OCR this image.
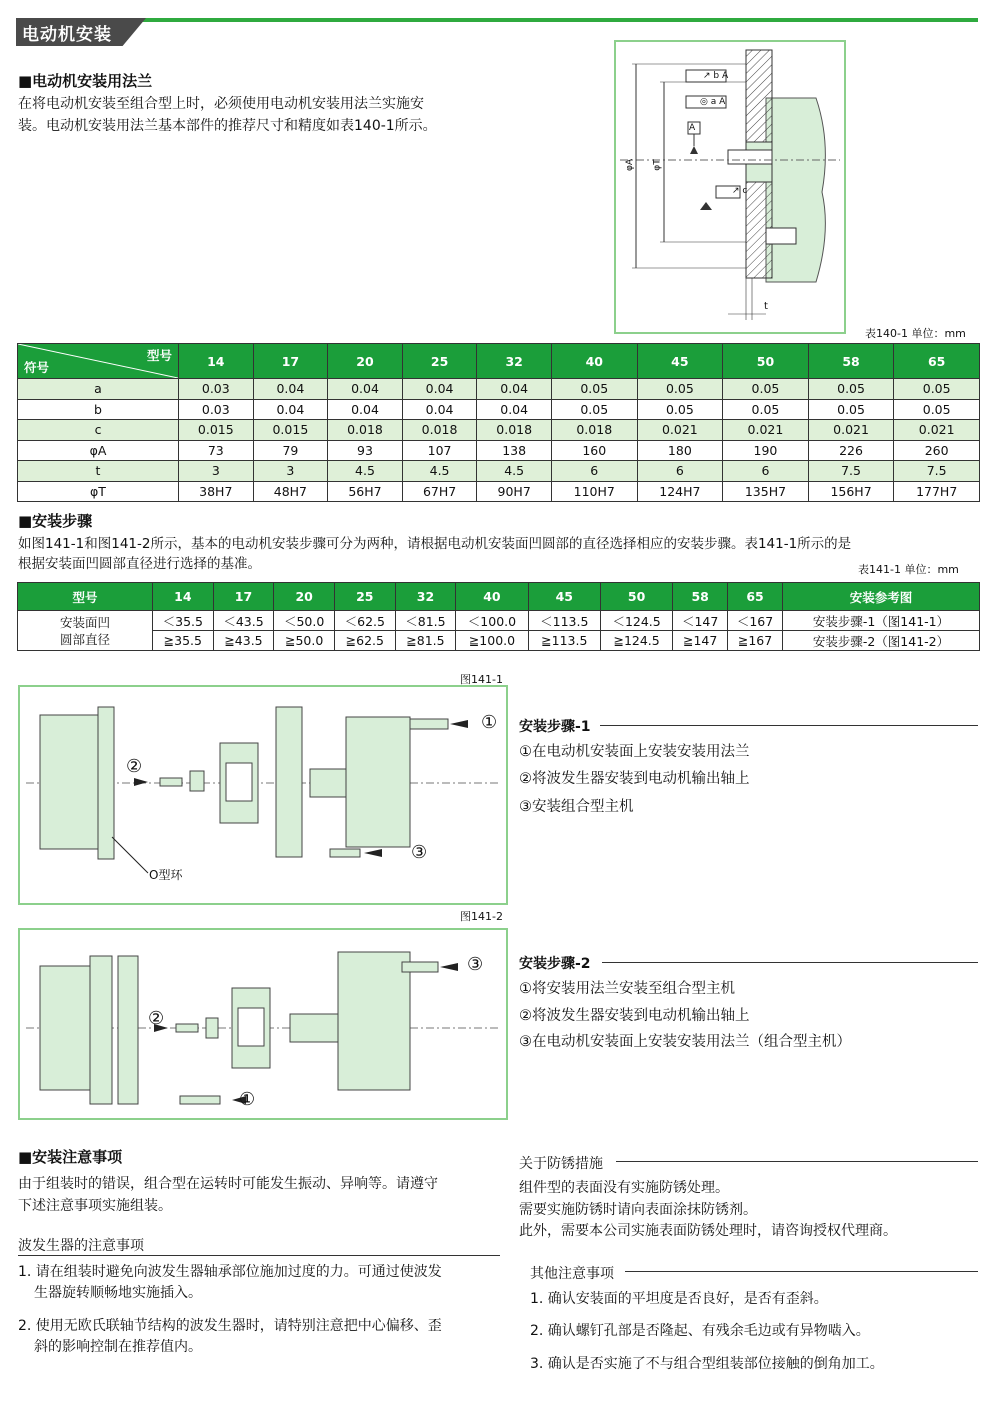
电动机安装
■电动机安装用法兰
在将电动机安装至组合型上时，必须使用电动机安装用法兰实施安
装。电动机安装用法兰基本部件的推荐尺寸和精度如表140-1所示。
↗ b A
◎ a A
A
↗ c
φA φT
t
表140-1 单位：mm
型号
符号	14	17	20	25	32	40	45	50	58	65
a	0.03	0.04	0.04	0.04	0.04	0.05	0.05	0.05	0.05	0.05
b	0.03	0.04	0.04	0.04	0.04	0.05	0.05	0.05	0.05	0.05
c	0.015	0.015	0.018	0.018	0.018	0.018	0.021	0.021	0.021	0.021
φA	73	79	93	107	138	160	180	190	226	260
t	3	3	4.5	4.5	4.5	6	6	6	7.5	7.5
φT	38H7	48H7	56H7	67H7	90H7	110H7	124H7	135H7	156H7	177H7
■安装步骤
如图141-1和图141-2所示，基本的电动机安装步骤可分为两种，请根据电动机安装面凹圆部的直径选择相应的安装步骤。表141-1所示的是
根据安装面凹圆部直径进行选择的基准。	表141-1 单位：mm
型号	14	17	20	25	32	40	45	50	58	65	安装参考图
安装面凹
圆部直径	＜35.5	＜43.5	＜50.0	＜62.5	＜81.5	＜100.0	＜113.5	＜124.5	＜147	＜167	安装步骤-1（图141-1）
	≧35.5	≧43.5	≧50.0	≧62.5	≧81.5	≧100.0	≧113.5	≧124.5	≧147	≧167	安装步骤-2（图141-2）
图141-1
①
②
③
O型环
安装步骤-1
①在电动机安装面上安装安装用法兰
②将波发生器安装到电动机输出轴上
③安装组合型主机
图141-2
③
②
①
安装步骤-2
①将安装用法兰安装至组合型主机
②将波发生器安装到电动机输出轴上
③在电动机安装面上安装安装用法兰（组合型主机）
■安装注意事项
由于组装时的错误，组合型在运转时可能发生振动、异响等。请遵守
下述注意事项实施组装。
波发生器的注意事项
1. 请在组装时避免向波发生器轴承部位施加过度的力。可通过使波发
生器旋转顺畅地实施插入。
2. 使用无欧氏联轴节结构的波发生器时，请特别注意把中心偏移、歪
斜的影响控制在推荐值内。
关于防锈措施
组件型的表面没有实施防锈处理。
需要实施防锈时请向表面涂抹防锈剂。
此外，需要本公司实施表面防锈处理时，请咨询授权代理商。
其他注意事项
1. 确认安装面的平坦度是否良好，是否有歪斜。
2. 确认螺钉孔部是否隆起、有残余毛边或有异物啮入。
3. 确认是否实施了不与组合型组装部位接触的倒角加工。
